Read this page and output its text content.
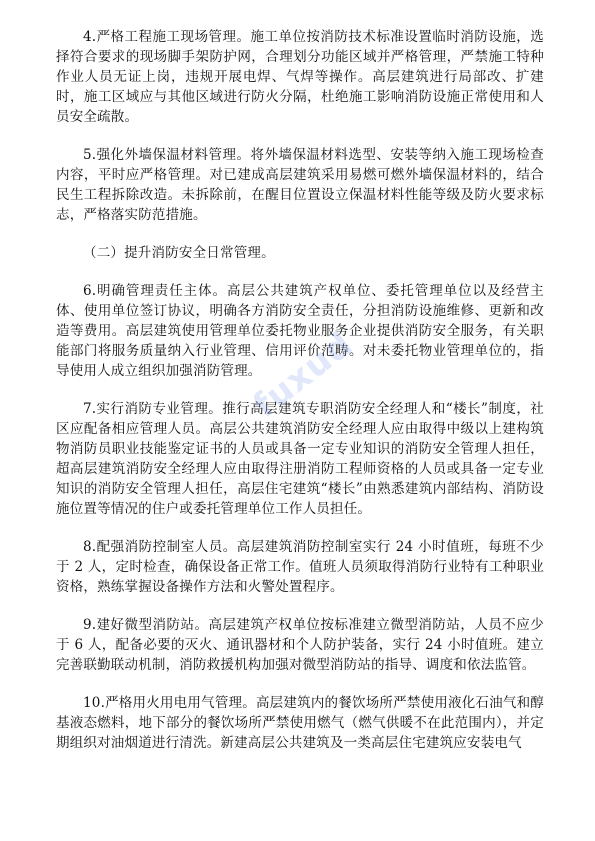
4.严格工程施工现场管理。施工单位按消防技术标准设置临时消防设施，选择符合要求的现场脚手架防护网，合理划分功能区域并严格管理，严禁施工特种作业人员无证上岗，违规开展电焊、气焊等操作。高层建筑进行局部改、扩建时，施工区域应与其他区域进行防火分隔，杜绝施工影响消防设施正常使用和人员安全疏散。

5.强化外墙保温材料管理。将外墙保温材料选型、安装等纳入施工现场检查内容，平时应严格管理。对已建成高层建筑采用易燃可燃外墙保温材料的，结合民生工程拆除改造。未拆除前，在醒目位置设立保温材料性能等级及防火要求标志，严格落实防范措施。

（二）提升消防安全日常管理。

6.明确管理责任主体。高层公共建筑产权单位、委托管理单位以及经营主体、使用单位签订协议，明确各方消防安全责任，分担消防设施维修、更新和改造等费用。高层建筑使用管理单位委托物业服务企业提供消防安全服务，有关职能部门将服务质量纳入行业管理、信用评价范畴。对未委托物业管理单位的，指导使用人成立组织加强消防管理。

7.实行消防专业管理。推行高层建筑专职消防安全经理人和“楼长”制度，社区应配备相应管理人员。高层公共建筑消防安全经理人应由取得中级以上建构筑物消防员职业技能鉴定证书的人员或具备一定专业知识的消防安全管理人担任，超高层建筑消防安全经理人应由取得注册消防工程师资格的人员或具备一定专业知识的消防安全管理人担任，高层住宅建筑“楼长”由熟悉建筑内部结构、消防设施位置等情况的住户或委托管理单位工作人员担任。

8.配强消防控制室人员。高层建筑消防控制室实行 24 小时值班，每班不少于 2 人，定时检查，确保设备正常工作。值班人员须取得消防行业特有工种职业资格，熟练掌握设备操作方法和火警处置程序。

9.建好微型消防站。高层建筑产权单位按标准建立微型消防站，人员不应少于 6 人，配备必要的灭火、通讯器材和个人防护装备，实行 24 小时值班。建立完善联勤联动机制，消防救援机构加强对微型消防站的指导、调度和依法监管。

10.严格用火用电用气管理。高层建筑内的餐饮场所严禁使用液化石油气和醇基液态燃料，地下部分的餐饮场所严禁使用燃气（燃气供暖不在此范围内），并定期组织对油烟道进行清洗。新建高层公共建筑及一类高层住宅建筑应安装电气

fuxud
